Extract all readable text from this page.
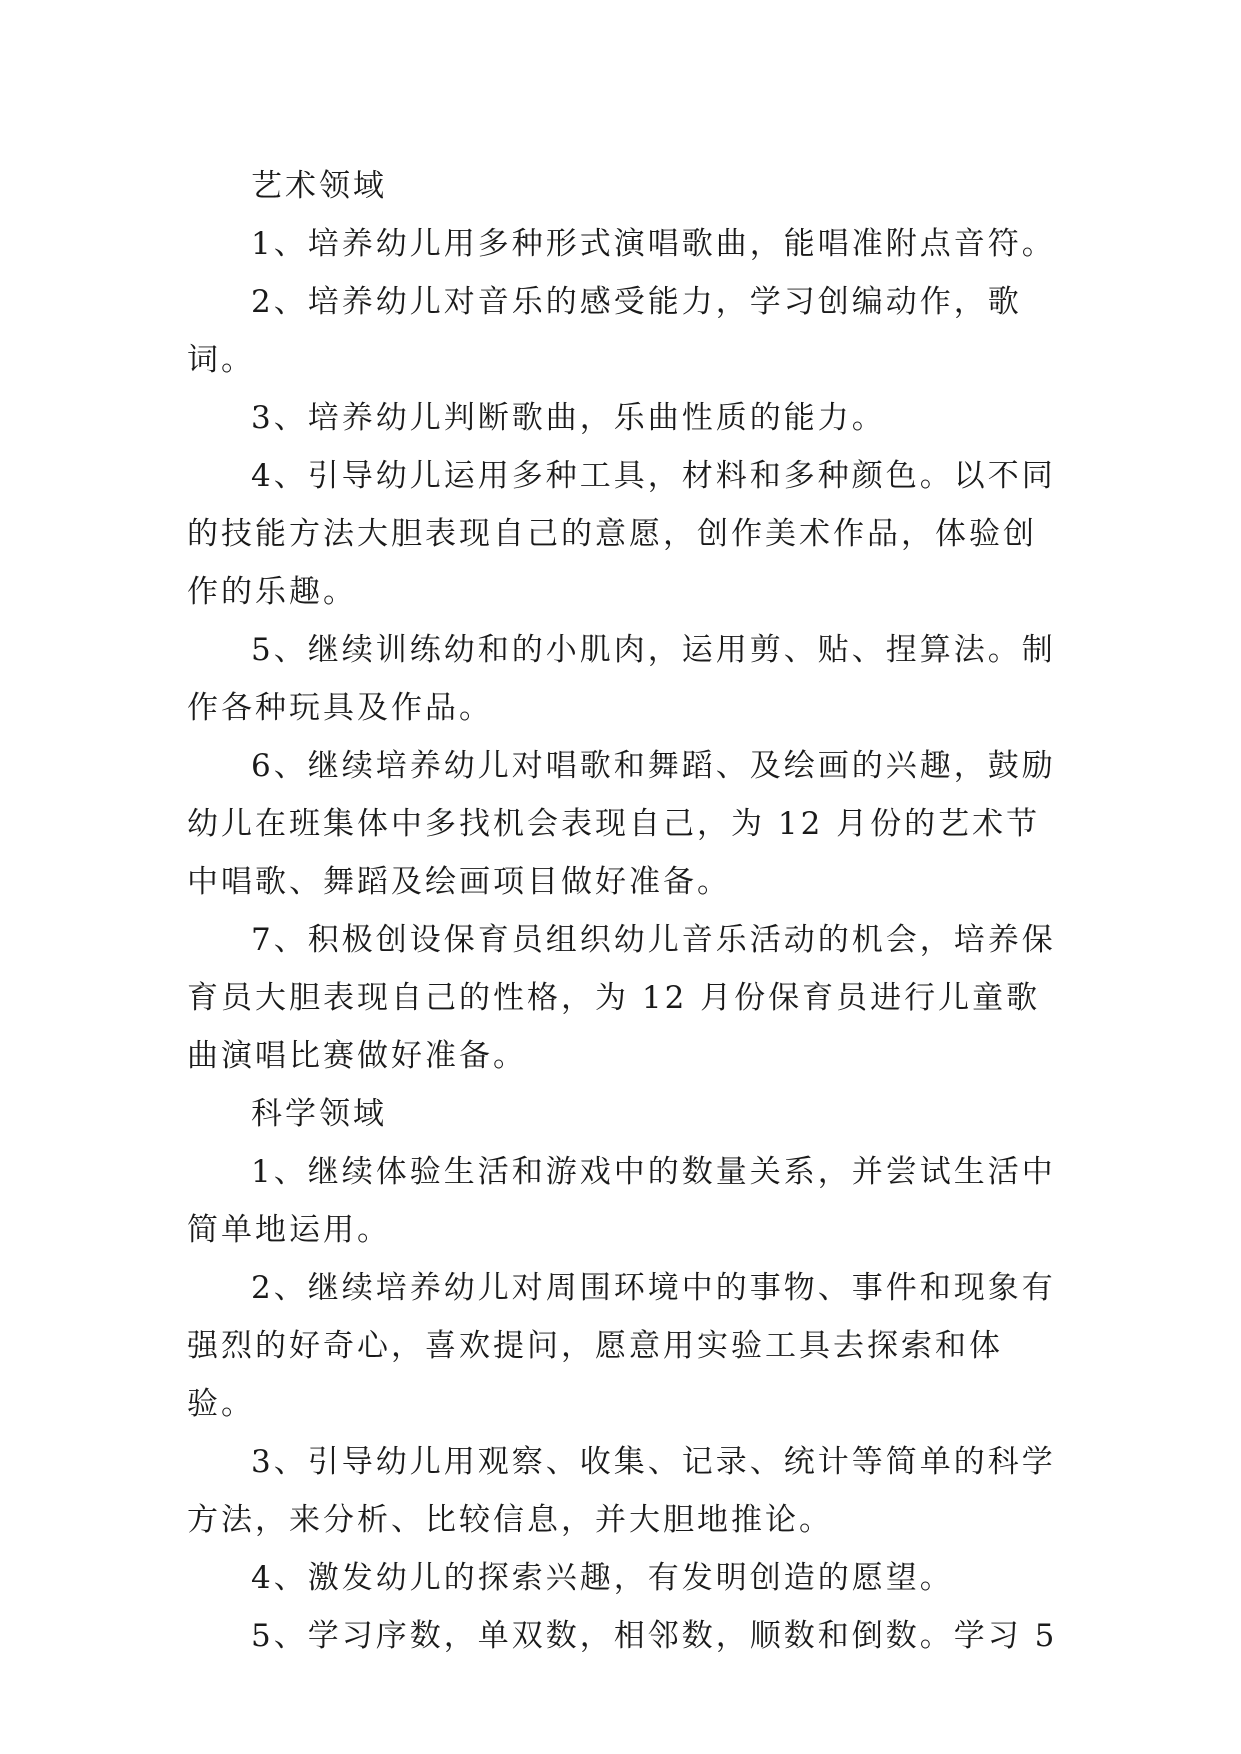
艺术领域

1、培养幼儿用多种形式演唱歌曲，能唱准附点音符。

2、培养幼儿对音乐的感受能力，学习创编动作，歌词。

3、培养幼儿判断歌曲，乐曲性质的能力。

4、引导幼儿运用多种工具，材料和多种颜色。以不同的技能方法大胆表现自己的意愿，创作美术作品，体验创作的乐趣。

5、继续训练幼和的小肌肉，运用剪、贴、捏算法。制作各种玩具及作品。

6、继续培养幼儿对唱歌和舞蹈、及绘画的兴趣，鼓励幼儿在班集体中多找机会表现自己，为 12 月份的艺术节中唱歌、舞蹈及绘画项目做好准备。

7、积极创设保育员组织幼儿音乐活动的机会，培养保育员大胆表现自己的性格，为 12 月份保育员进行儿童歌曲演唱比赛做好准备。

科学领域

1、继续体验生活和游戏中的数量关系，并尝试生活中简单地运用。

2、继续培养幼儿对周围环境中的事物、事件和现象有强烈的好奇心，喜欢提问，愿意用实验工具去探索和体验。

3、引导幼儿用观察、收集、记录、统计等简单的科学方法，来分析、比较信息，并大胆地推论。

4、激发幼儿的探索兴趣，有发明创造的愿望。

5、学习序数，单双数，相邻数，顺数和倒数。学习 5
